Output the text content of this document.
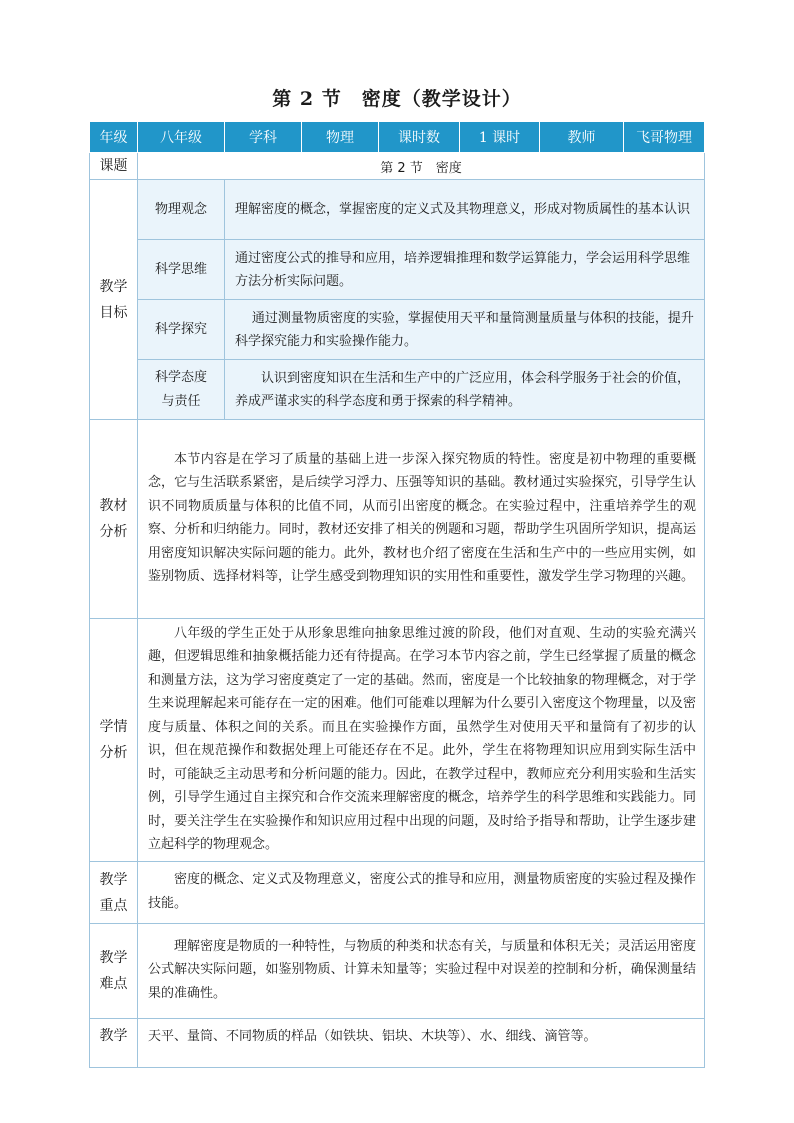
第 2 节　密度（教学设计）
年级	八年级	学科	物理	课时数	1 课时	教师	飞哥物理
课题	第 2 节　密度						

教学
目标	物理观念	理解密度的概念，掌握密度的定义式及其物理意义，形成对物质属性的基本认识					
	科学思维	通过密度公式的推导和应用，培养逻辑推理和数学运算能力，学会运用科学思维方法分析实际问题。					
	科学探究	通过测量物质密度的实验，掌握使用天平和量筒测量质量与体积的技能，提升科学探究能力和实验操作能力。					

	科学态度
与责任	认识到密度知识在生活和生产中的广泛应用，体会科学服务于社会的价值，养成严谨求实的科学态度和勇于探索的科学精神。					

教材
分析	本节内容是在学习了质量的基础上进一步深入探究物质的特性。密度是初中物理的重要概念，它与生活联系紧密，是后续学习浮力、压强等知识的基础。教材通过实验探究，引导学生认识不同物质质量与体积的比值不同，从而引出密度的概念。在实验过程中，注重培养学生的观察、分析和归纳能力。同时，教材还安排了相关的例题和习题，帮助学生巩固所学知识，提高运用密度知识解决实际问题的能力。此外，教材也介绍了密度在生活和生产中的一些应用实例，如鉴别物质、选择材料等，让学生感受到物理知识的实用性和重要性，激发学生学习物理的兴趣。						

学情
分析	八年级的学生正处于从形象思维向抽象思维过渡的阶段，他们对直观、生动的实验充满兴趣，但逻辑思维和抽象概括能力还有待提高。在学习本节内容之前，学生已经掌握了质量的概念和测量方法，这为学习密度奠定了一定的基础。然而，密度是一个比较抽象的物理概念，对于学生来说理解起来可能存在一定的困难。他们可能难以理解为什么要引入密度这个物理量，以及密度与质量、体积之间的关系。而且在实验操作方面，虽然学生对使用天平和量筒有了初步的认识，但在规范操作和数据处理上可能还存在不足。此外，学生在将物理知识应用到实际生活中时，可能缺乏主动思考和分析问题的能力。因此，在教学过程中，教师应充分利用实验和生活实例，引导学生通过自主探究和合作交流来理解密度的概念，培养学生的科学思维和实践能力。同时，要关注学生在实验操作和知识应用过程中出现的问题，及时给予指导和帮助，让学生逐步建立起科学的物理观念。						

教学
重点	密度的概念、定义式及物理意义，密度公式的推导和应用，测量物质密度的实验过程及操作技能。						

教学
难点	理解密度是物质的一种特性，与物质的种类和状态有关，与质量和体积无关；灵活运用密度公式解决实际问题，如鉴别物质、计算未知量等；实验过程中对误差的控制和分析，确保测量结果的准确性。						
教学	天平、量筒、不同物质的样品（如铁块、铝块、木块等）、水、细线、滴管等。						
